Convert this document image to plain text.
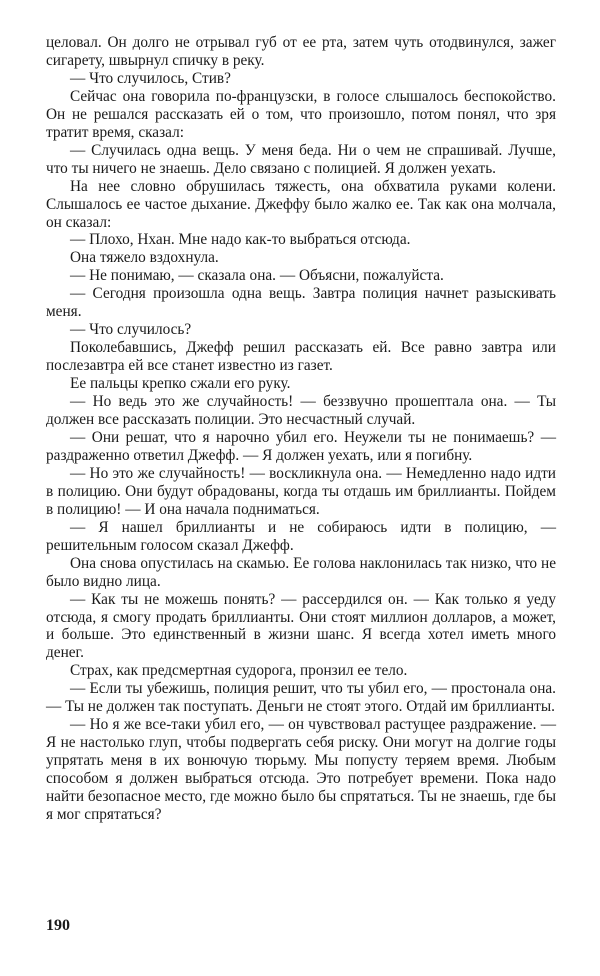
целовал. Он долго не отрывал губ от ее рта, затем чуть отодвинулся, зажег сигарету, швырнул спичку в реку.

— Что случилось, Стив?

Сейчас она говорила по-французски, в голосе слышалось беспокойство. Он не решался рассказать ей о том, что произошло, потом понял, что зря тратит время, сказал:

— Случилась одна вещь. У меня беда. Ни о чем не спрашивай. Лучше, что ты ничего не знаешь. Дело связано с полицией. Я должен уехать.

На нее словно обрушилась тяжесть, она обхватила руками колени. Слышалось ее частое дыхание. Джеффу было жалко ее. Так как она молчала, он сказал:

— Плохо, Нхан. Мне надо как-то выбраться отсюда.

Она тяжело вздохнула.

— Не понимаю, — сказала она. — Объясни, пожалуйста.

— Сегодня произошла одна вещь. Завтра полиция начнет разыскивать меня.

— Что случилось?

Поколебавшись, Джефф решил рассказать ей. Все равно завтра или послезавтра ей все станет известно из газет.

Ее пальцы крепко сжали его руку.

— Но ведь это же случайность! — беззвучно прошептала она. — Ты должен все рассказать полиции. Это несчастный случай.

— Они решат, что я нарочно убил его. Неужели ты не понимаешь? — раздраженно ответил Джефф. — Я должен уехать, или я погибну.

— Но это же случайность! — воскликнула она. — Немедленно надо идти в полицию. Они будут обрадованы, когда ты отдашь им бриллианты. Пойдем в полицию! — И она начала подниматься.

— Я нашел бриллианты и не собираюсь идти в полицию, — решительным голосом сказал Джефф.

Она снова опустилась на скамью. Ее голова наклонилась так низко, что не было видно лица.

— Как ты не можешь понять? — рассердился он. — Как только я уеду отсюда, я смогу продать бриллианты. Они стоят миллион долларов, а может, и больше. Это единственный в жизни шанс. Я всегда хотел иметь много денег.

Страх, как предсмертная судорога, пронзил ее тело.

— Если ты убежишь, полиция решит, что ты убил его, — простонала она. — Ты не должен так поступать. Деньги не стоят этого. Отдай им бриллианты.

— Но я же все-таки убил его, — он чувствовал растущее раздражение. — Я не настолько глуп, чтобы подвергать себя риску. Они могут на долгие годы упрятать меня в их вонючую тюрьму. Мы попусту теряем время. Любым способом я должен выбраться отсюда. Это потребует времени. Пока надо найти безопасное место, где можно было бы спрятаться. Ты не знаешь, где бы я мог спрятаться?

190
